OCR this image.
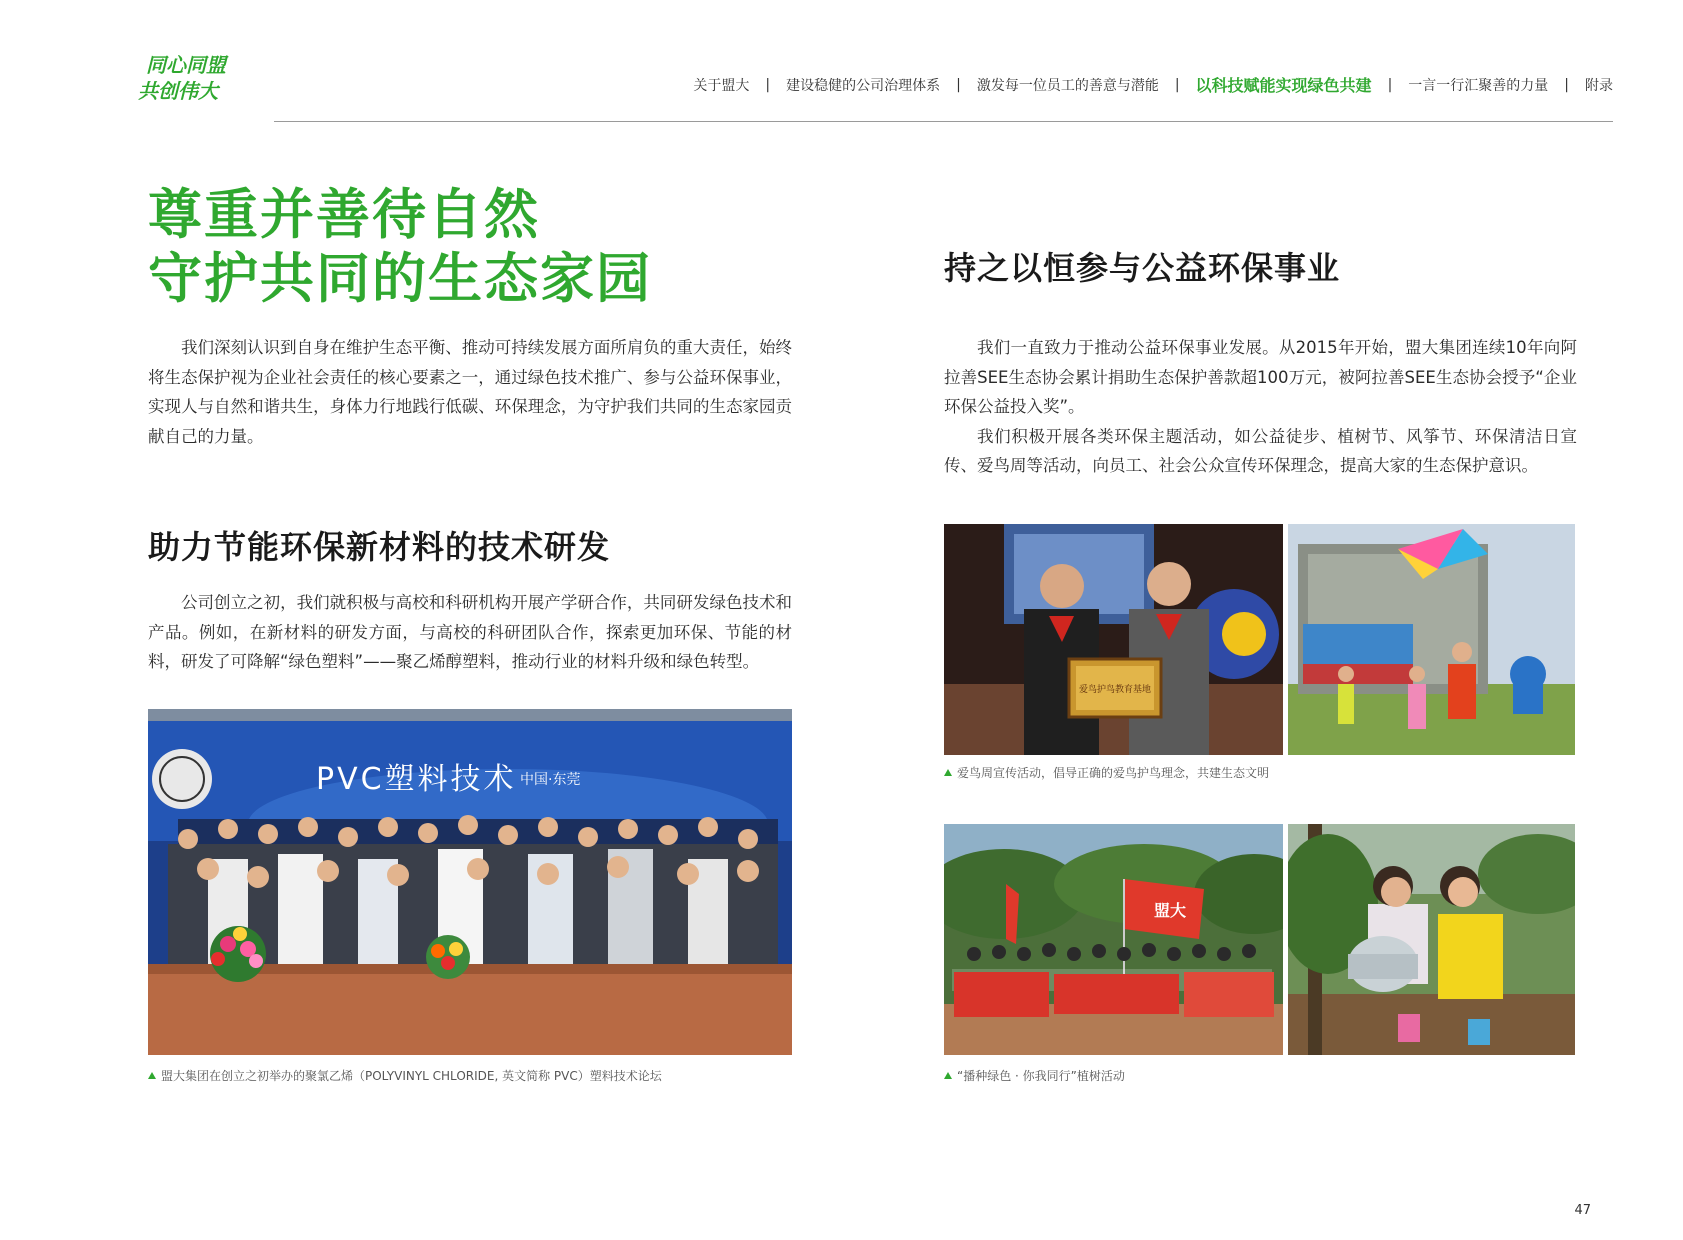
同心同盟
共创伟大	关于盟大 | 建设稳健的公司治理体系 | 激发每一位员工的善意与潜能 | 以科技赋能实现绿色共建 | 一言一行汇聚善的力量 | 附录
尊重并善待自然
守护共同的生态家园

我们深刻认识到自身在维护生态平衡、推动可持续发展方面所肩负的重大责任，始终将生态保护视为企业社会责任的核心要素之一，通过绿色技术推广、参与公益环保事业，实现人与自然和谐共生，身体力行地践行低碳、环保理念，为守护我们共同的生态家园贡献自己的力量。

助力节能环保新材料的技术研发

公司创立之初，我们就积极与高校和科研机构开展产学研合作，共同研发绿色技术和产品。例如，在新材料的研发方面，与高校的科研团队合作，探索更加环保、节能的材料，研发了可降解“绿色塑料”——聚乙烯醇塑料，推动行业的材料升级和绿色转型。

PVC塑料技术 中国·东莞
盟大集团在创立之初举办的聚氯乙烯（POLYVINYL CHLORIDE, 英文简称 PVC）塑料技术论坛
持之以恒参与公益环保事业

我们一直致力于推动公益环保事业发展。从2015年开始，盟大集团连续10年向阿拉善SEE生态协会累计捐助生态保护善款超100万元，被阿拉善SEE生态协会授予“企业环保公益投入奖”。

我们积极开展各类环保主题活动，如公益徒步、植树节、风筝节、环保清洁日宣传、爱鸟周等活动，向员工、社会公众宣传环保理念，提高大家的生态保护意识。

爱鸟护鸟教育基地
爱鸟周宣传活动，倡导正确的爱鸟护鸟理念，共建生态文明
盟大
“播种绿色 · 你我同行”植树活动
47
